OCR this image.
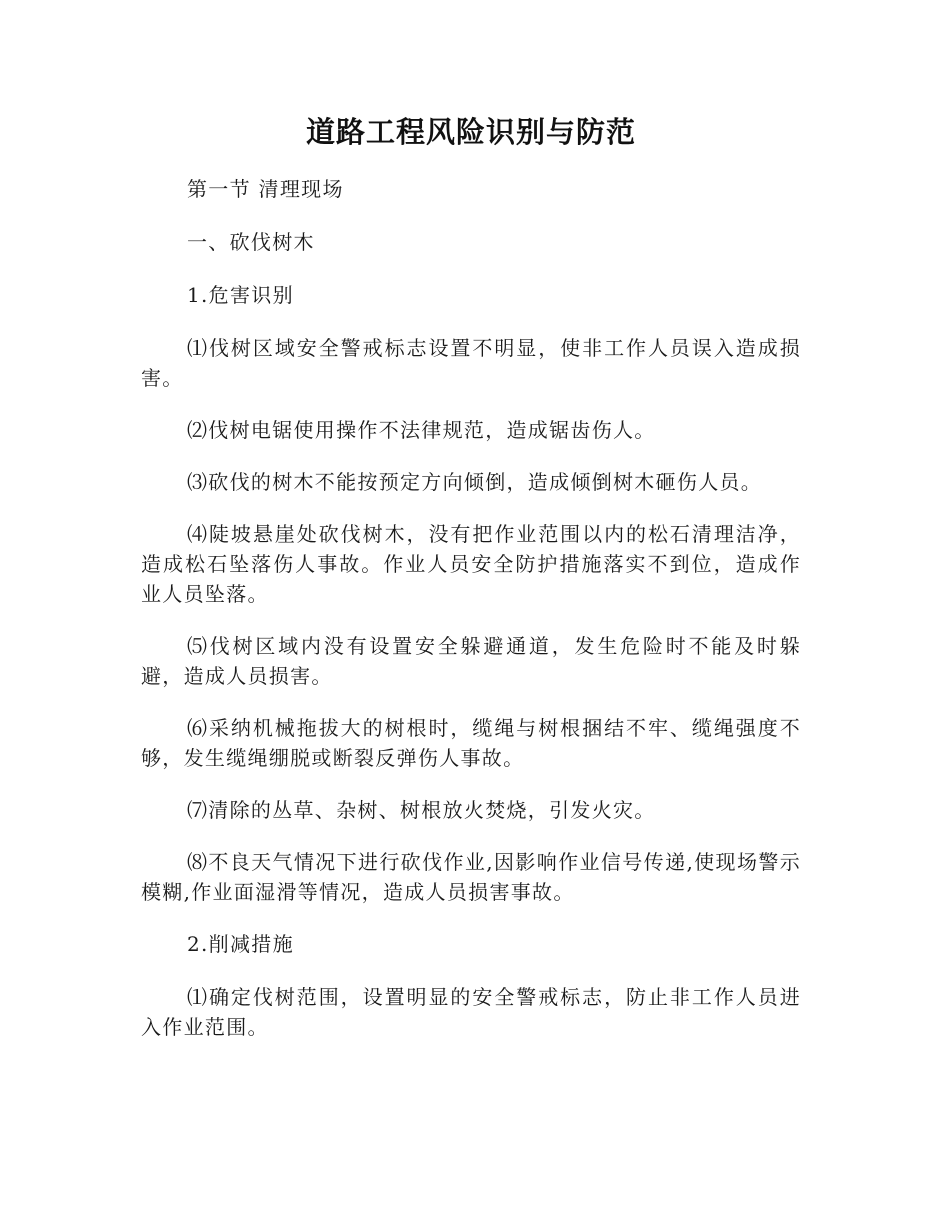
道路工程风险识别与防范

第一节 清理现场

一、砍伐树木

1.危害识别

⑴伐树区域安全警戒标志设置不明显，使非工作人员误入造成损害。

⑵伐树电锯使用操作不法律规范，造成锯齿伤人。

⑶砍伐的树木不能按预定方向倾倒，造成倾倒树木砸伤人员。

⑷陡坡悬崖处砍伐树木，没有把作业范围以内的松石清理洁净，造成松石坠落伤人事故。作业人员安全防护措施落实不到位，造成作业人员坠落。

⑸伐树区域内没有设置安全躲避通道，发生危险时不能及时躲避，造成人员损害。

⑹采纳机械拖拔大的树根时，缆绳与树根捆结不牢、缆绳强度不够，发生缆绳绷脱或断裂反弹伤人事故。

⑺清除的丛草、杂树、树根放火焚烧，引发火灾。

⑻不良天气情况下进行砍伐作业,因影响作业信号传递,使现场警示模糊,作业面湿滑等情况，造成人员损害事故。

2.削减措施

⑴确定伐树范围，设置明显的安全警戒标志，防止非工作人员进入作业范围。
